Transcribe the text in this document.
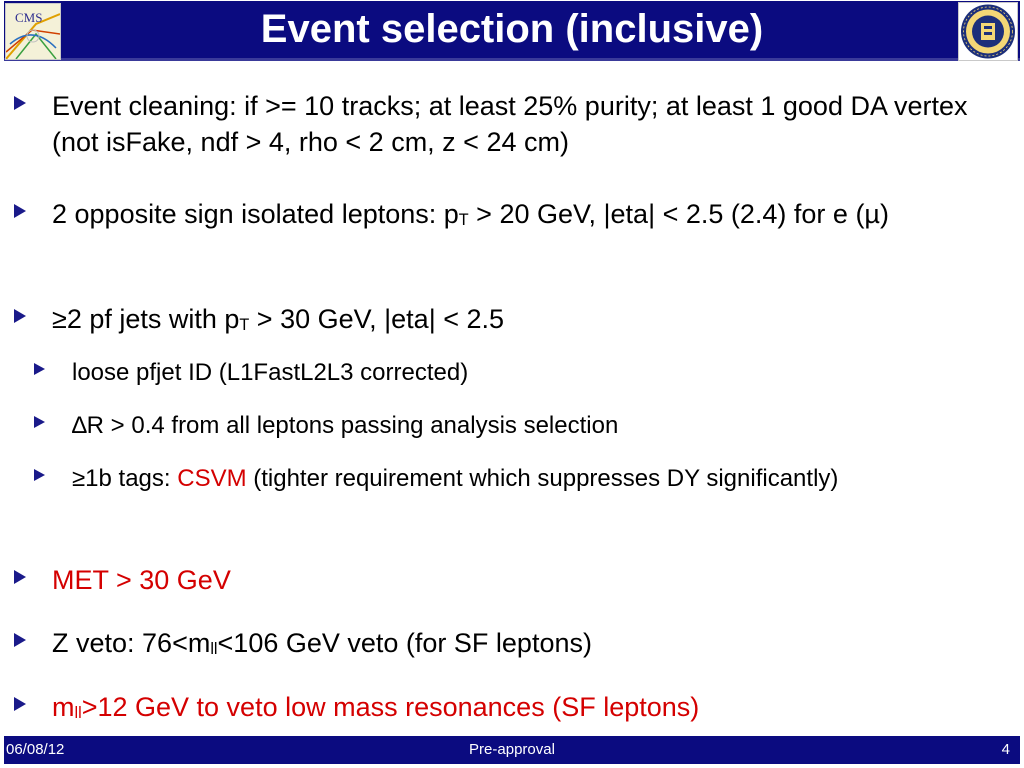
Event selection (inclusive)
CMS
Event cleaning: if >= 10 tracks; at least 25% purity; at least 1 good DA vertex (not isFake, ndf > 4, rho < 2 cm, z < 24 cm)
2 opposite sign isolated leptons: $p_T > 20$ GeV, |eta| < 2.5 (2.4) for e (µ)
≥2 pf jets with $p_T > 30$ GeV, |eta| < 2.5
loose pfjet ID (L1FastL2L3 corrected)
∆R > 0.4 from all leptons passing analysis selection
≥1b tags: CSVM (tighter requirement which suppresses DY significantly)
MET > 30 GeV
Z veto: $76<m_{ll}<106$ GeV veto (for SF leptons)
$m_{ll}>12$ GeV to veto low mass resonances (SF leptons)
06/08/12	Pre-approval	4
